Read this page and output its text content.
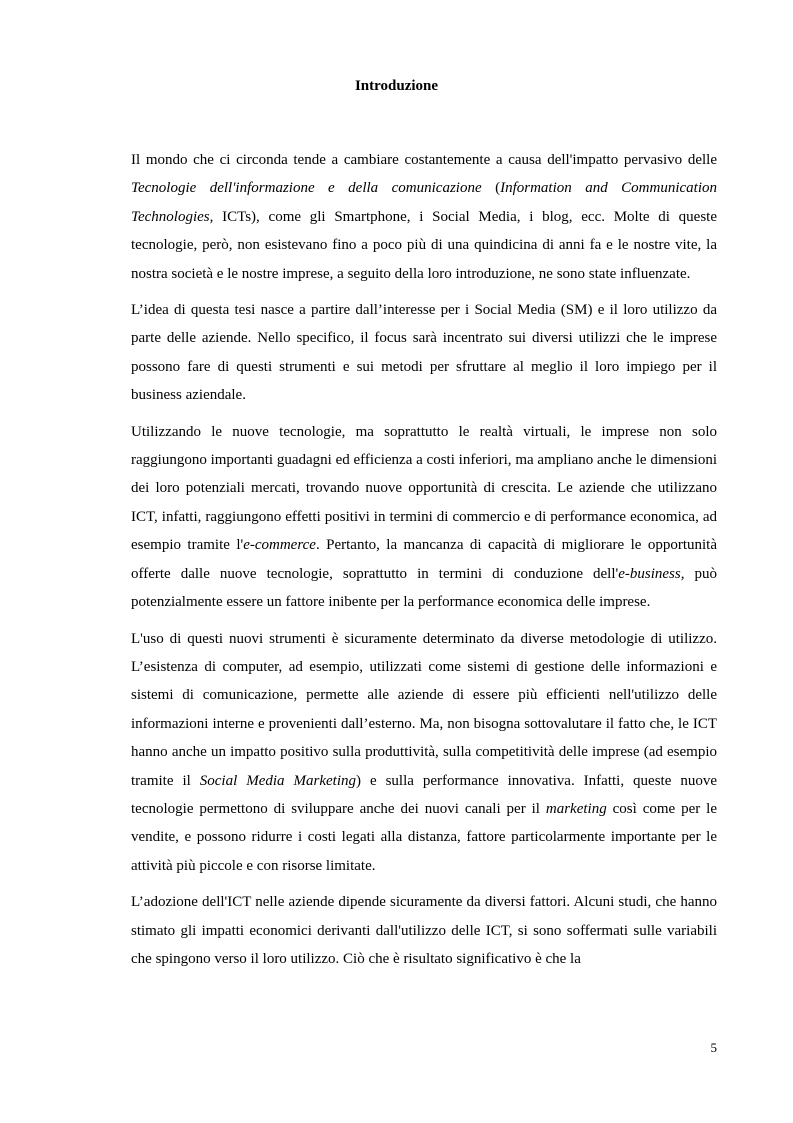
Introduzione

Il mondo che ci circonda tende a cambiare costantemente a causa dell'impatto pervasivo delle Tecnologie dell'informazione e della comunicazione (Information and Communication Technologies, ICTs), come gli Smartphone, i Social Media, i blog, ecc. Molte di queste tecnologie, però, non esistevano fino a poco più di una quindicina di anni fa e le nostre vite, la nostra società e le nostre imprese, a seguito della loro introduzione, ne sono state influenzate.

L’idea di questa tesi nasce a partire dall’interesse per i Social Media (SM) e il loro utilizzo da parte delle aziende. Nello specifico, il focus sarà incentrato sui diversi utilizzi che le imprese possono fare di questi strumenti e sui metodi per sfruttare al meglio il loro impiego per il business aziendale.

Utilizzando le nuove tecnologie, ma soprattutto le realtà virtuali, le imprese non solo raggiungono importanti guadagni ed efficienza a costi inferiori, ma ampliano anche le dimensioni dei loro potenziali mercati, trovando nuove opportunità di crescita. Le aziende che utilizzano ICT, infatti, raggiungono effetti positivi in termini di commercio e di performance economica, ad esempio tramite l'e-commerce. Pertanto, la mancanza di capacità di migliorare le opportunità offerte dalle nuove tecnologie, soprattutto in termini di conduzione dell'e-business, può potenzialmente essere un fattore inibente per la performance economica delle imprese.

L'uso di questi nuovi strumenti è sicuramente determinato da diverse metodologie di utilizzo. L’esistenza di computer, ad esempio, utilizzati come sistemi di gestione delle informazioni e sistemi di comunicazione, permette alle aziende di essere più efficienti nell'utilizzo delle informazioni interne e provenienti dall’esterno. Ma, non bisogna sottovalutare il fatto che, le ICT hanno anche un impatto positivo sulla produttività, sulla competitività delle imprese (ad esempio tramite il Social Media Marketing) e sulla performance innovativa. Infatti, queste nuove tecnologie permettono di sviluppare anche dei nuovi canali per il marketing così come per le vendite, e possono ridurre i costi legati alla distanza, fattore particolarmente importante per le attività più piccole e con risorse limitate.

L’adozione dell'ICT nelle aziende dipende sicuramente da diversi fattori. Alcuni studi, che hanno stimato gli impatti economici derivanti dall'utilizzo delle ICT, si sono soffermati sulle variabili che spingono verso il loro utilizzo. Ciò che è risultato significativo è che la

5
